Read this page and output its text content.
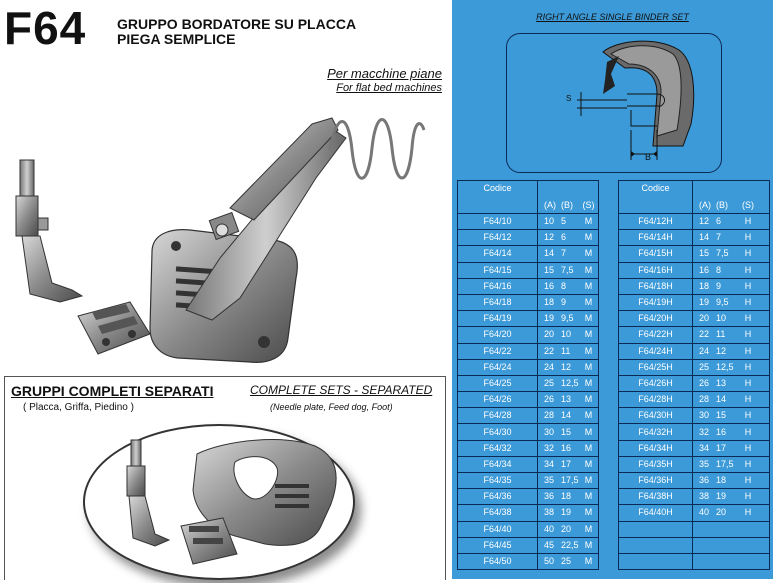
F64 GRUPPO BORDATORE SU PLACCA
PIEGA SEMPLICE
Per macchine piane
For flat bed machines
GRUPPI COMPLETI SEPARATI
( Placca, Griffa, Piedino )
COMPLETE SETS - SEPARATED
(Needle plate, Feed dog, Foot)
RIGHT ANGLE SINGLE BINDER SET
S
B
Codice	

	(A) (B) (S)

F64/10	10 5 M

F64/12	12 6 M

F64/14	14 7 M

F64/15	15 7,5 M

F64/16	16 8 M

F64/18	18 9 M

F64/19	19 9,5 M

F64/20	20 10 M

F64/22	22 11 M

F64/24	24 12 M

F64/25	25 12,5 M

F64/26	26 13 M

F64/28	28 14 M

F64/30	30 15 M

F64/32	32 16 M

F64/34	34 17 M

F64/35	35 17,5 M

F64/36	36 18 M

F64/38	38 19 M

F64/40	40 20 M

F64/45	45 22,5 M

F64/50	50 25 M
Codice	

	(A) (B) (S)

F64/12H	12 6 H

F64/14H	14 7 H

F64/15H	15 7,5 H

F64/16H	16 8 H

F64/18H	18 9 H

F64/19H	19 9,5 H

F64/20H	20 10 H

F64/22H	22 11 H

F64/24H	24 12 H

F64/25H	25 12,5 H

F64/26H	26 13 H

F64/28H	28 14 H

F64/30H	30 15 H

F64/32H	32 16 H

F64/34H	34 17 H

F64/35H	35 17,5 H

F64/36H	36 18 H

F64/38H	38 19 H

F64/40H	40 20 H
